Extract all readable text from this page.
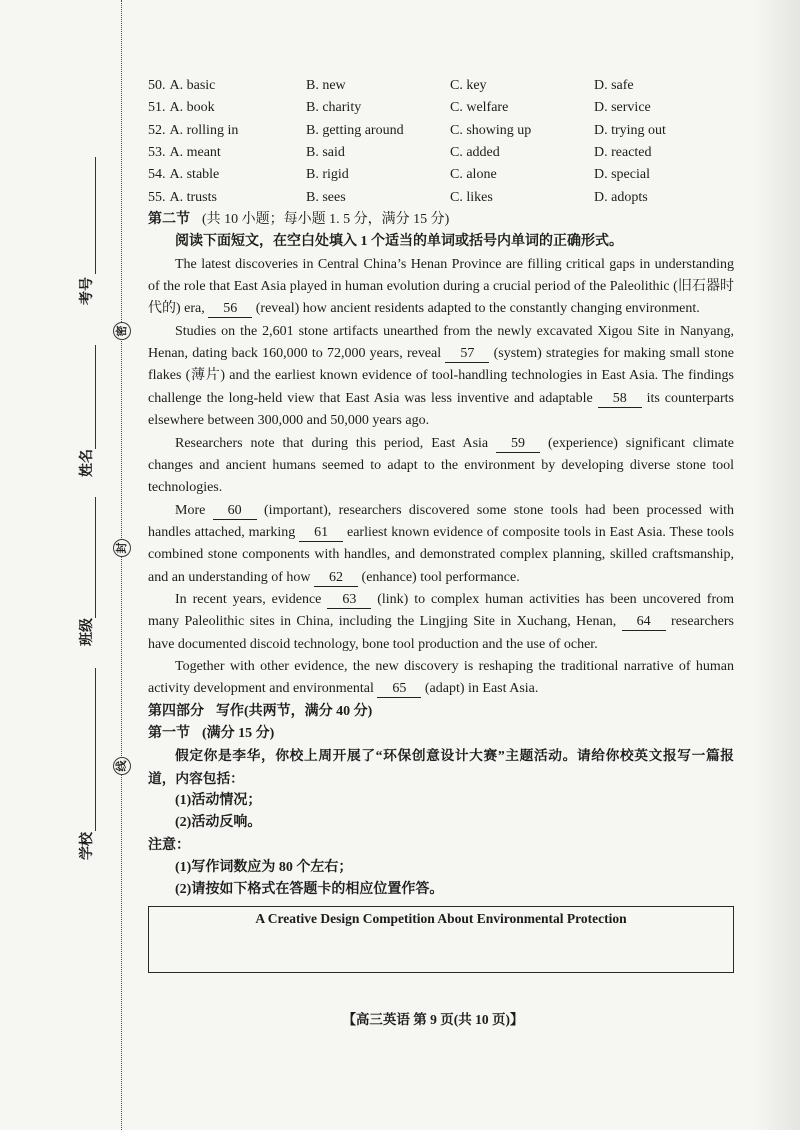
考号
姓名
班级
学校
密
封
线
50. A. basic	B. new	C. key	D. safe
51. A. book	B. charity	C. welfare	D. service
52. A. rolling in	B. getting around	C. showing up	D. trying out
53. A. meant	B. said	C. added	D. reacted
54. A. stable	B. rigid	C. alone	D. special
55. A. trusts	B. sees	C. likes	D. adopts
第二节 (共 10 小题；每小题 1. 5 分，满分 15 分)
阅读下面短文，在空白处填入 1 个适当的单词或括号内单词的正确形式。

The latest discoveries in Central China’s Henan Province are filling critical gaps in understanding of the role that East Asia played in human evolution during a crucial period of the Paleolithic (旧石器时代的) era, 56 (reveal) how ancient residents adapted to the constantly changing environment.

Studies on the 2,601 stone artifacts unearthed from the newly excavated Xigou Site in Nanyang, Henan, dating back 160,000 to 72,000 years, reveal 57 (system) strategies for making small stone flakes (薄片) and the earliest known evidence of tool-handling technologies in East Asia. The findings challenge the long-held view that East Asia was less inventive and adaptable 58 its counterparts elsewhere between 300,000 and 50,000 years ago.

Researchers note that during this period, East Asia 59 (experience) significant climate changes and ancient humans seemed to adapt to the environment by developing diverse stone tool technologies.

More 60 (important), researchers discovered some stone tools had been processed with handles attached, marking 61 earliest known evidence of composite tools in East Asia. These tools combined stone components with handles, and demonstrated complex planning, skilled craftsmanship, and an understanding of how 62 (enhance) tool performance.

In recent years, evidence 63 (link) to complex human activities has been uncovered from many Paleolithic sites in China, including the Lingjing Site in Xuchang, Henan, 64 researchers have documented discoid technology, bone tool production and the use of ocher.

Together with other evidence, the new discovery is reshaping the traditional narrative of human activity development and environmental 65 (adapt) in East Asia.

第四部分 写作(共两节，满分 40 分)
第一节 (满分 15 分)

假定你是李华，你校上周开展了“环保创意设计大赛”主题活动。请给你校英文报写一篇报道，内容包括：

(1)活动情况；
(2)活动反响。
注意：
(1)写作词数应为 80 个左右；
(2)请按如下格式在答题卡的相应位置作答。
A Creative Design Competition About Environmental Protection
【高三英语 第 9 页(共 10 页)】
